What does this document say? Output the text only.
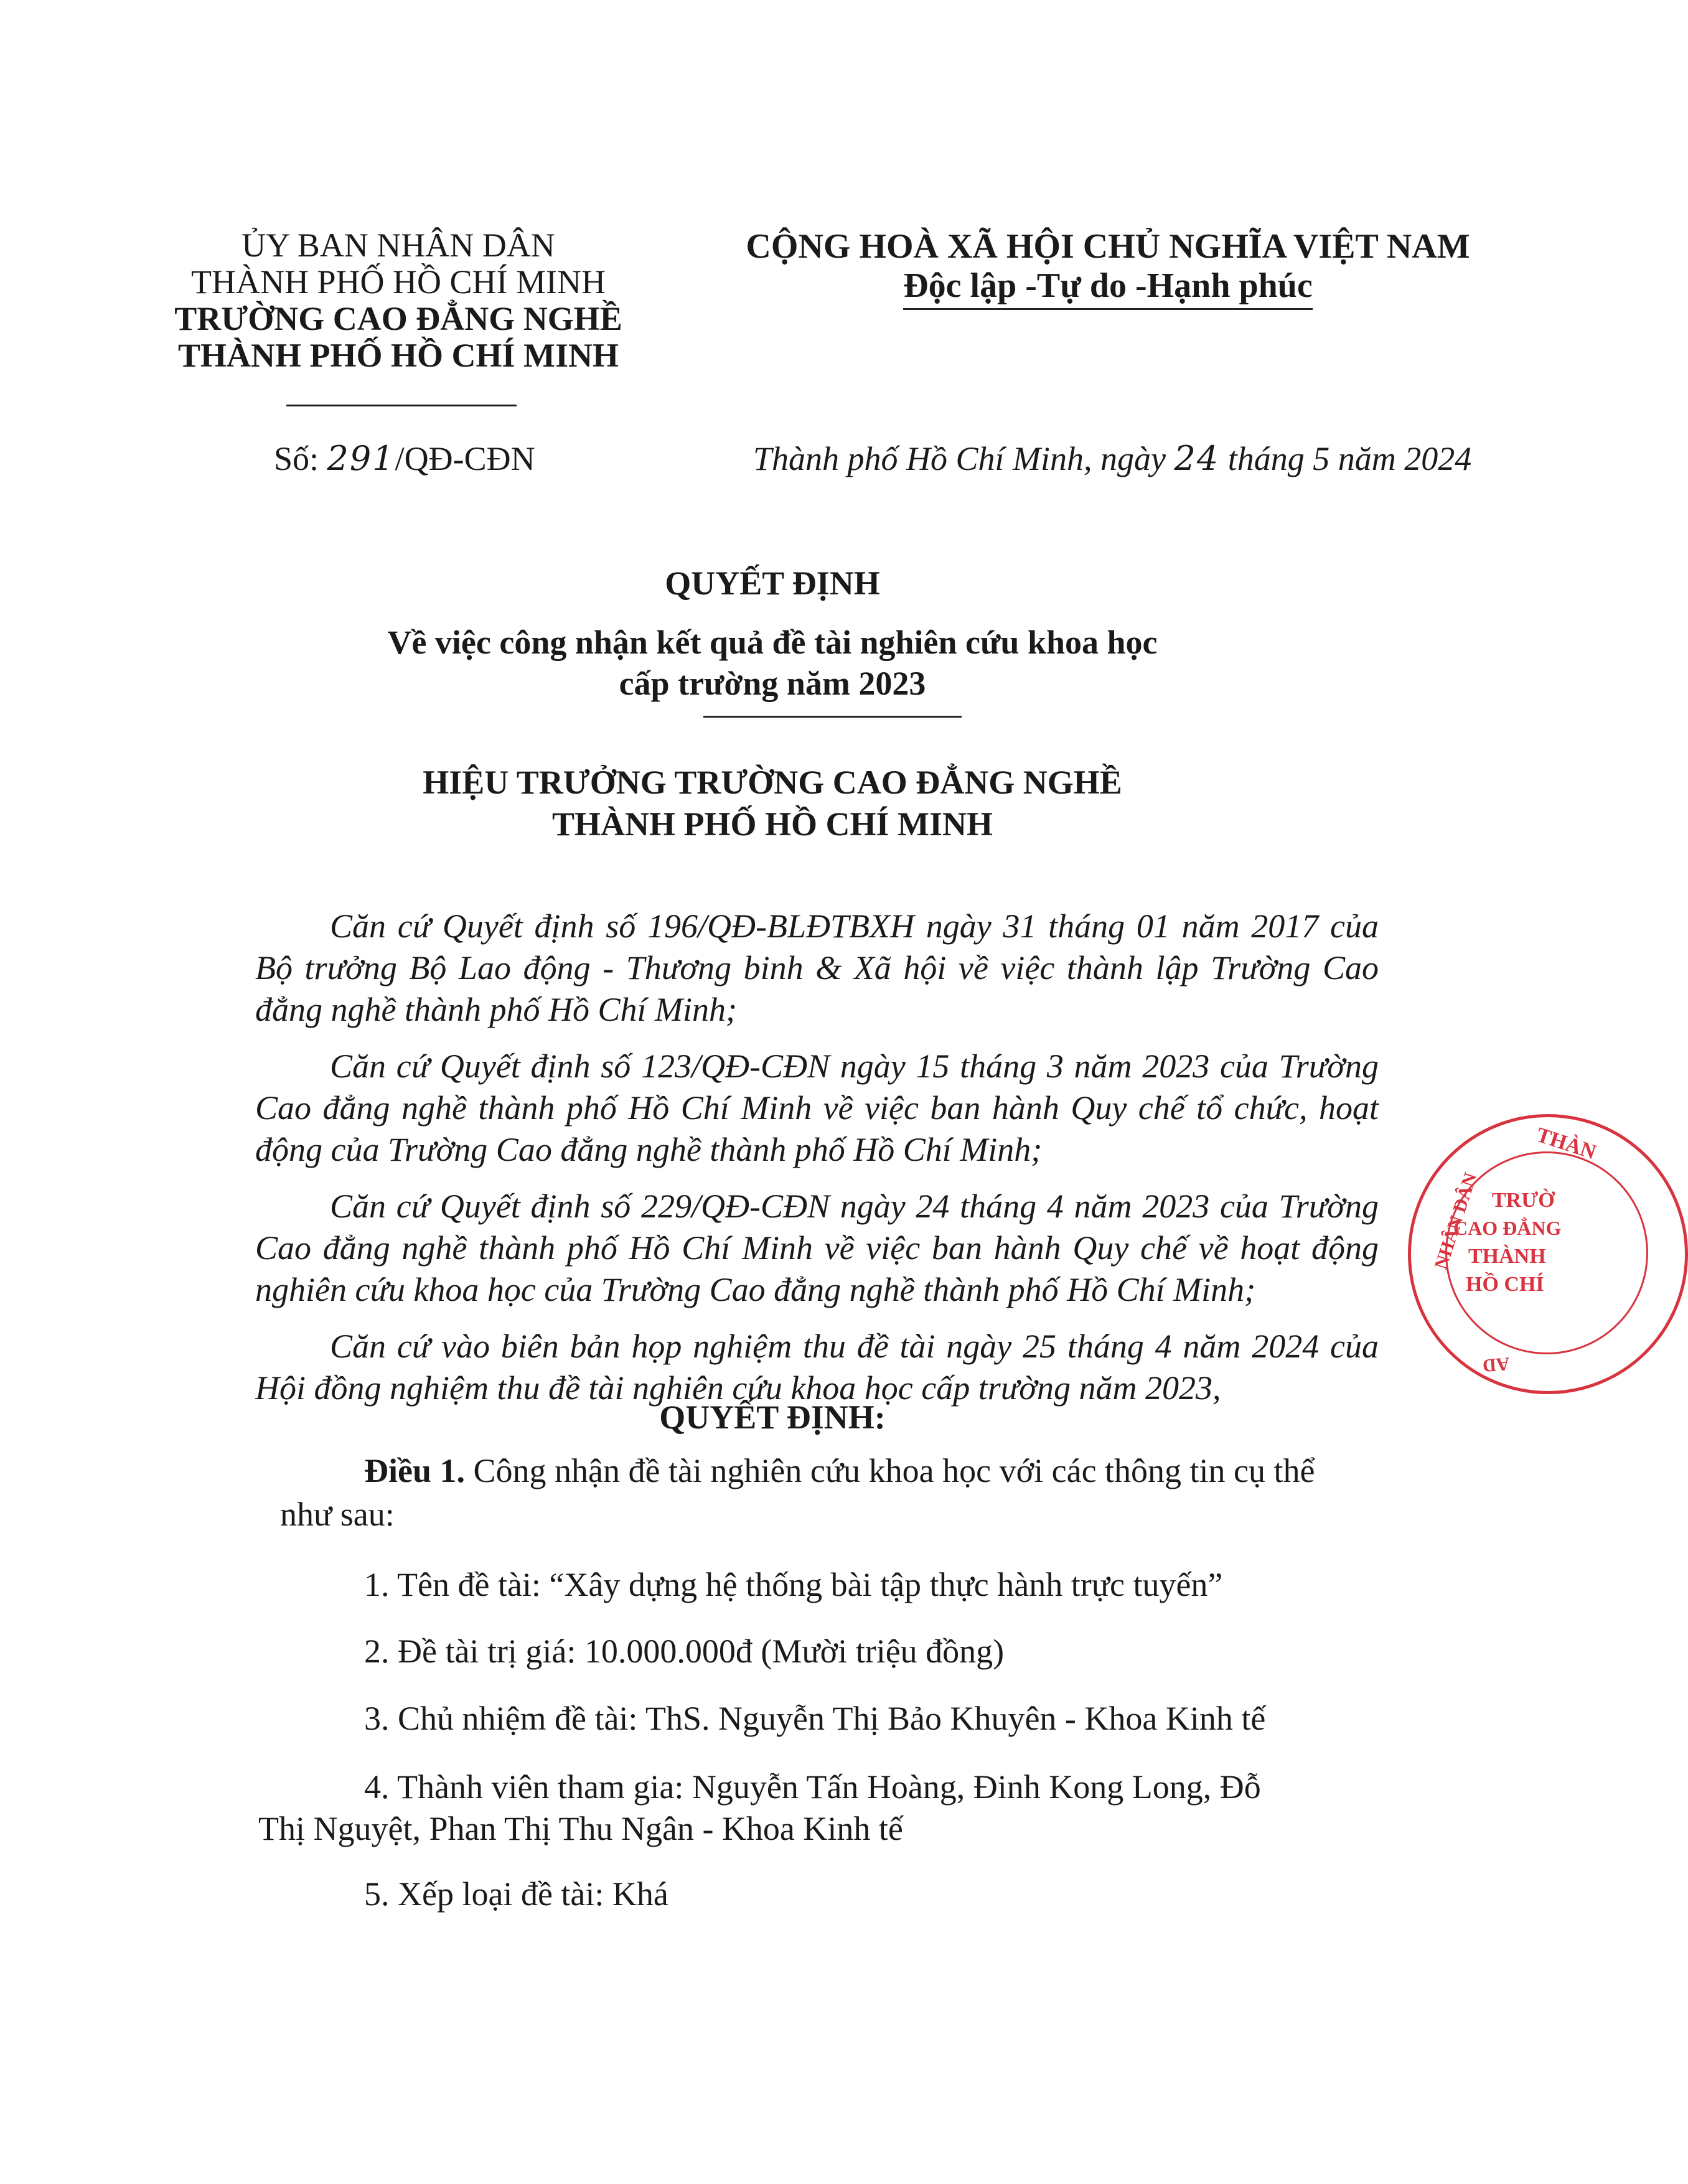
ỦY BAN NHÂN DÂN
THÀNH PHỐ HỒ CHÍ MINH
TRƯỜNG CAO ĐẲNG NGHỀ
THÀNH PHỐ HỒ CHÍ MINH
CỘNG HOÀ XÃ HỘI CHỦ NGHĨA VIỆT NAM
Độc lập -Tự do -Hạnh phúc
Số: 291/QĐ-CĐN	Thành phố Hồ Chí Minh, ngày 24 tháng 5 năm 2024
QUYẾT ĐỊNH
Về việc công nhận kết quả đề tài nghiên cứu khoa học
cấp trường năm 2023
HIỆU TRƯỞNG TRƯỜNG CAO ĐẲNG NGHỀ
THÀNH PHỐ HỒ CHÍ MINH
Căn cứ Quyết định số 196/QĐ-BLĐTBXH ngày 31 tháng 01 năm 2017 của Bộ trưởng Bộ Lao động - Thương binh & Xã hội về việc thành lập Trường Cao đẳng nghề thành phố Hồ Chí Minh;
Căn cứ Quyết định số 123/QĐ-CĐN ngày 15 tháng 3 năm 2023 của Trường Cao đẳng nghề thành phố Hồ Chí Minh về việc ban hành Quy chế tổ chức, hoạt động của Trường Cao đẳng nghề thành phố Hồ Chí Minh;
Căn cứ Quyết định số 229/QĐ-CĐN ngày 24 tháng 4 năm 2023 của Trường Cao đẳng nghề thành phố Hồ Chí Minh về việc ban hành Quy chế về hoạt động nghiên cứu khoa học của Trường Cao đẳng nghề thành phố Hồ Chí Minh;
Căn cứ vào biên bản họp nghiệm thu đề tài ngày 25 tháng 4 năm 2024 của Hội đồng nghiệm thu đề tài nghiên cứu khoa học cấp trường năm 2023,
QUYẾT ĐỊNH:
Điều 1. Công nhận đề tài nghiên cứu khoa học với các thông tin cụ thể
như sau:
1. Tên đề tài: “Xây dựng hệ thống bài tập thực hành trực tuyến”
2. Đề tài trị giá: 10.000.000đ (Mười triệu đồng)
3. Chủ nhiệm đề tài: ThS. Nguyễn Thị Bảo Khuyên - Khoa Kinh tế
4. Thành viên tham gia: Nguyễn Tấn Hoàng, Đinh Kong Long, Đỗ
Thị Nguyệt, Phan Thị Thu Ngân - Khoa Kinh tế
5. Xếp loại đề tài: Khá
THÀN
NHÂN DÂN
AD
TRƯỜ
CAO ĐẲNG
THÀNH
HỒ CHÍ
